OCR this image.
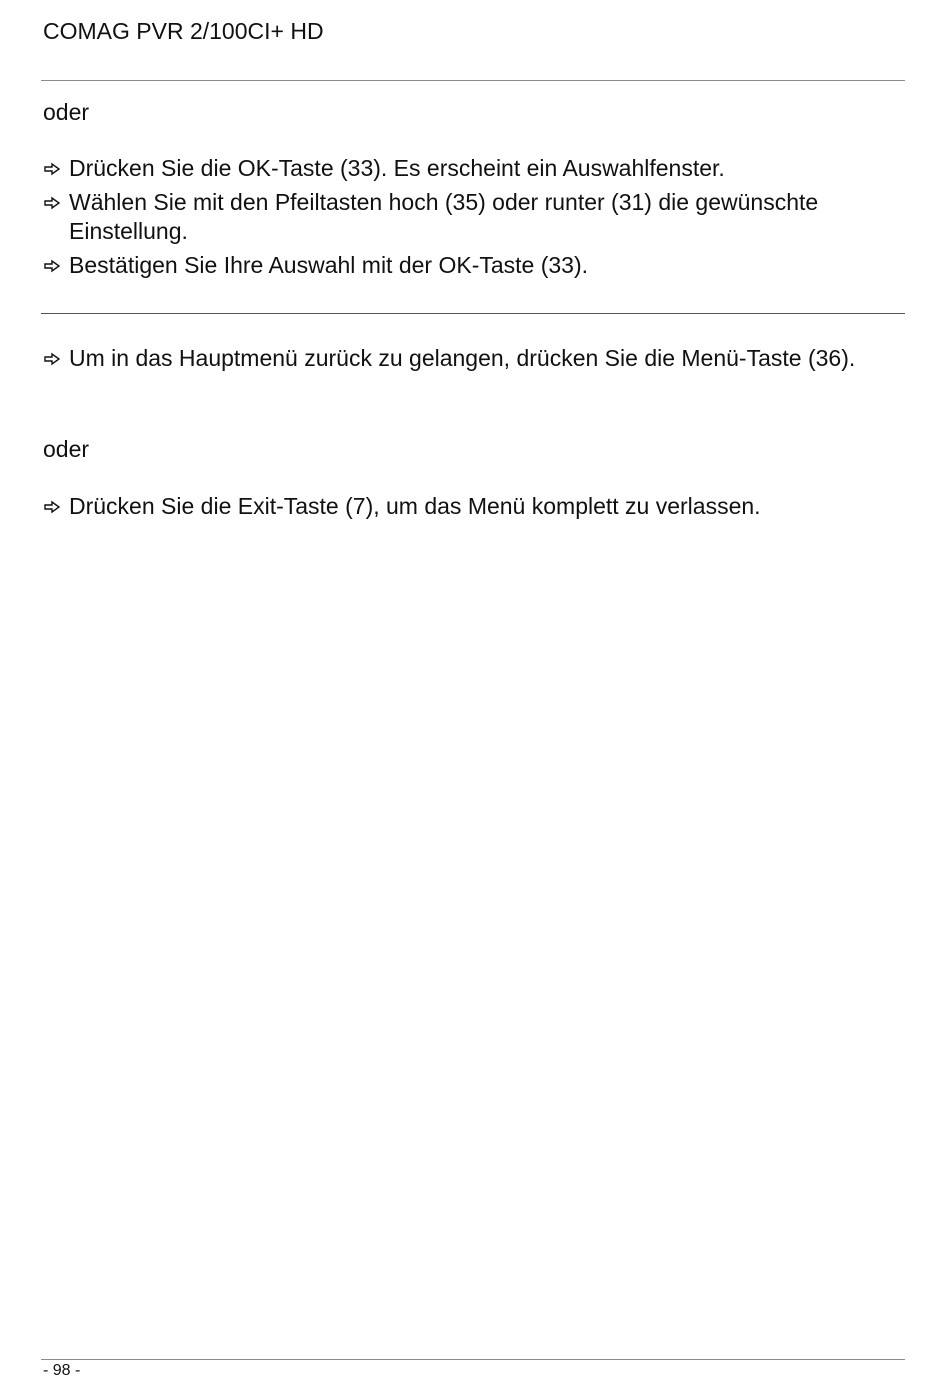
COMAG PVR 2/100CI+ HD
oder
Drücken Sie die OK-Taste (33). Es erscheint ein Auswahlfenster.
Wählen Sie mit den Pfeiltasten hoch (35) oder runter (31) die gewünschte Einstellung.
Bestätigen Sie Ihre Auswahl mit der OK-Taste (33).
Um in das Hauptmenü zurück zu gelangen, drücken Sie die Menü-Taste (36).
oder
Drücken Sie die Exit-Taste (7), um das Menü komplett zu verlassen.
- 98 -
